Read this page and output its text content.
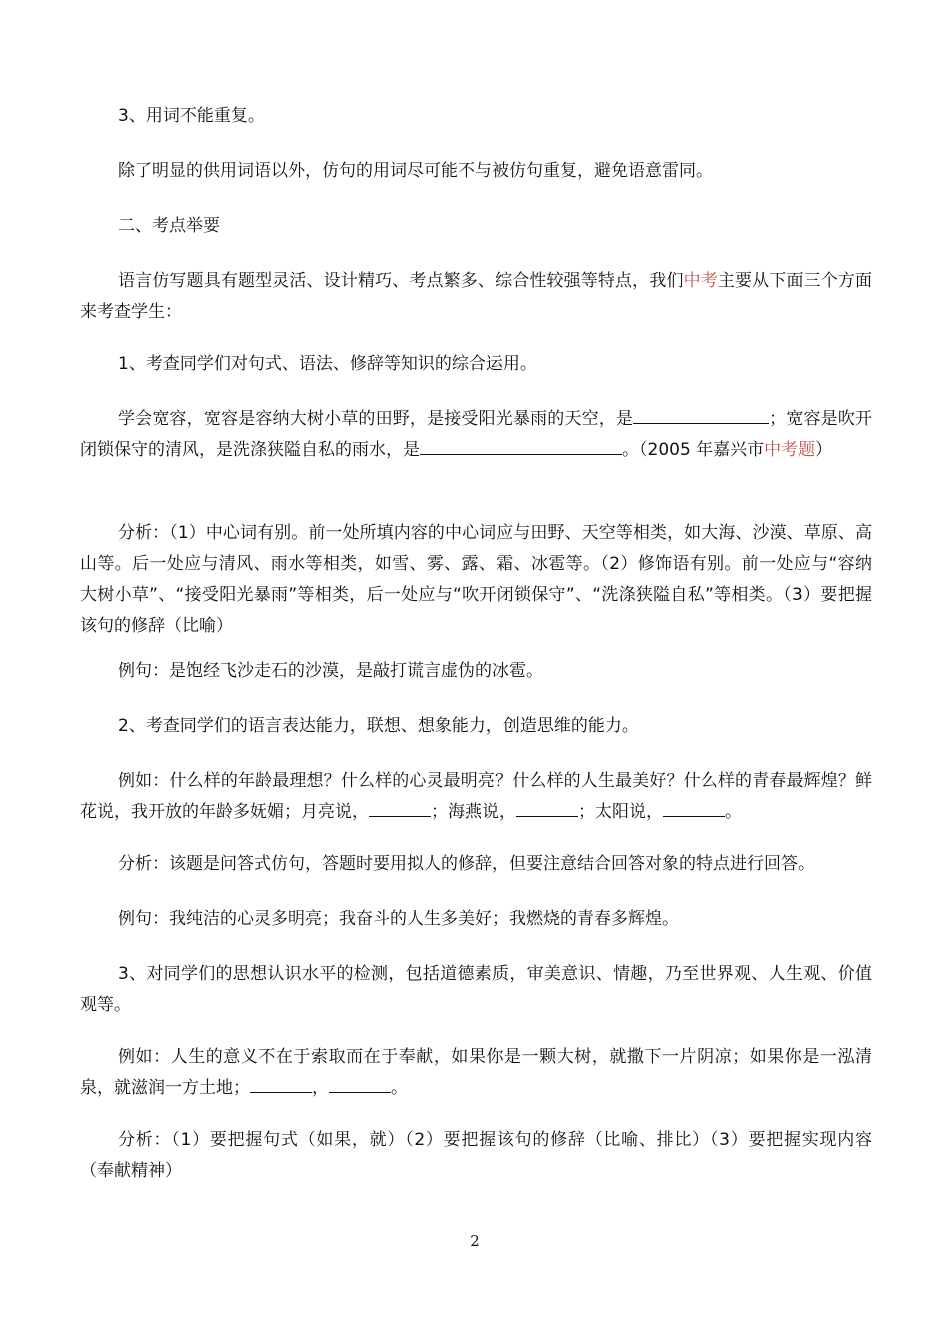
3、用词不能重复。

除了明显的供用词语以外，仿句的用词尽可能不与被仿句重复，避免语意雷同。

二、考点举要

语言仿写题具有题型灵活、设计精巧、考点繁多、综合性较强等特点，我们中考主要从下面三个方面来考查学生：

1、考查同学们对句式、语法、修辞等知识的综合运用。

学会宽容，宽容是容纳大树小草的田野，是接受阳光暴雨的天空，是	；宽容是吹开闭锁保守的清风，是洗涤狭隘自私的雨水，是	。（2005 年嘉兴市中考题）

分析：（1）中心词有别。前一处所填内容的中心词应与田野、天空等相类，如大海、沙漠、草原、高山等。后一处应与清风、雨水等相类，如雪、雾、露、霜、冰雹等。（2）修饰语有别。前一处应与“容纳大树小草”、“接受阳光暴雨”等相类，后一处应与“吹开闭锁保守”、“洗涤狭隘自私”等相类。（3）要把握该句的修辞（比喻）

例句：是饱经飞沙走石的沙漠，是敲打谎言虚伪的冰雹。

2、考查同学们的语言表达能力，联想、想象能力，创造思维的能力。

例如：什么样的年龄最理想？什么样的心灵最明亮？什么样的人生最美好？什么样的青春最辉煌？鲜花说，我开放的年龄多妩媚；月亮说，	；海燕说，	；太阳说，	。

分析：该题是问答式仿句，答题时要用拟人的修辞，但要注意结合回答对象的特点进行回答。

例句：我纯洁的心灵多明亮；我奋斗的人生多美好；我燃烧的青春多辉煌。

3、对同学们的思想认识水平的检测，包括道德素质，审美意识、情趣，乃至世界观、人生观、价值观等。

例如：人生的意义不在于索取而在于奉献，如果你是一颗大树，就撒下一片阴凉；如果你是一泓清泉，就滋润一方土地；	，	。

分析：（1）要把握句式（如果，就）（2）要把握该句的修辞（比喻、排比）（3）要把握实现内容（奉献精神）

2
